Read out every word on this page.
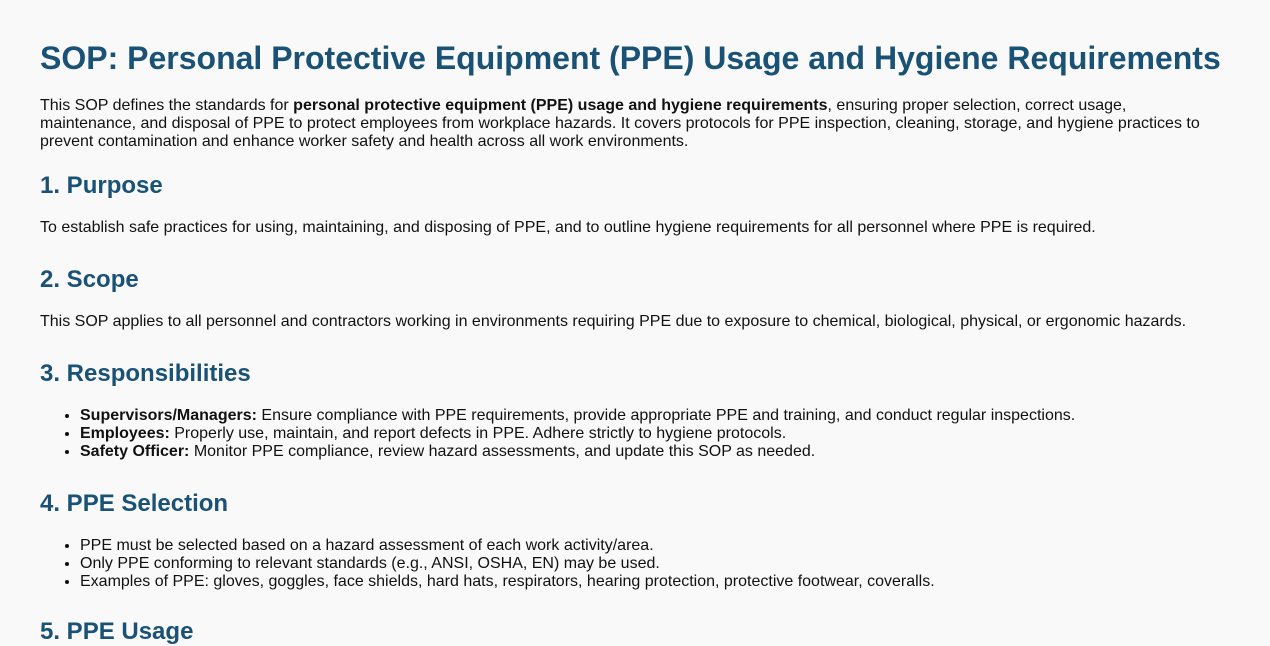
SOP: Personal Protective Equipment (PPE) Usage and Hygiene Requirements

This SOP defines the standards for personal protective equipment (PPE) usage and hygiene requirements, ensuring proper selection, correct usage, maintenance, and disposal of PPE to protect employees from workplace hazards. It covers protocols for PPE inspection, cleaning, storage, and hygiene practices to prevent contamination and enhance worker safety and health across all work environments.

1. Purpose

To establish safe practices for using, maintaining, and disposing of PPE, and to outline hygiene requirements for all personnel where PPE is required.

2. Scope

This SOP applies to all personnel and contractors working in environments requiring PPE due to exposure to chemical, biological, physical, or ergonomic hazards.

3. Responsibilities
• Supervisors/Managers: Ensure compliance with PPE requirements, provide appropriate PPE and training, and conduct regular inspections.
• Employees: Properly use, maintain, and report defects in PPE. Adhere strictly to hygiene protocols.
• Safety Officer: Monitor PPE compliance, review hazard assessments, and update this SOP as needed.
4. PPE Selection
• PPE must be selected based on a hazard assessment of each work activity/area.
• Only PPE conforming to relevant standards (e.g., ANSI, OSHA, EN) may be used.
• Examples of PPE: gloves, goggles, face shields, hard hats, respirators, hearing protection, protective footwear, coveralls.
5. PPE Usage
